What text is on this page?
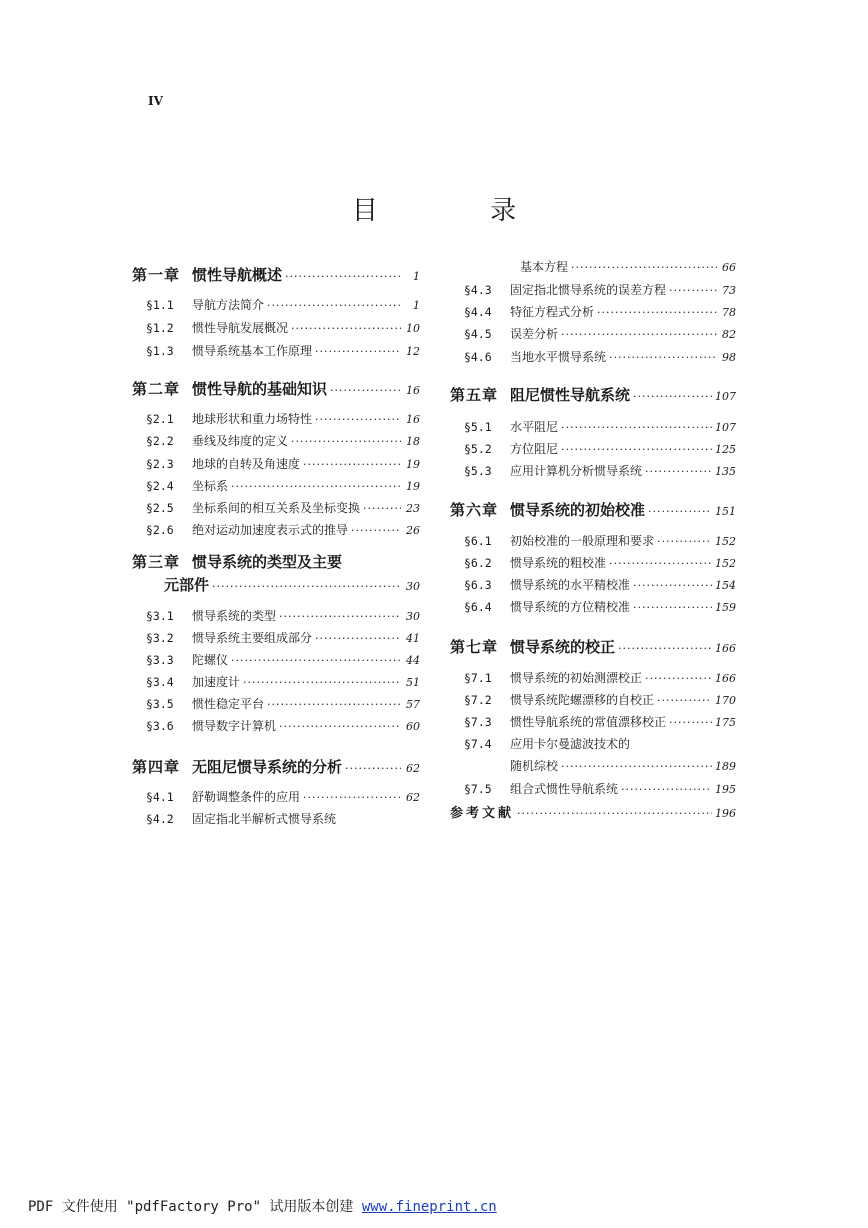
IV
目 录
第一章 惯性导航概述 ·····	1
§1.1	导航方法简介 ·····	1
§1.2	惯性导航发展概况 ·····	10
§1.3	惯导系统基本工作原理 ·····	12
第二章 惯性导航的基础知识 ·····	16
§2.1	地球形状和重力场特性 ·····	16
§2.2	垂线及纬度的定义 ·····	18
§2.3	地球的自转及角速度 ·····	19
§2.4	坐标系 ·····	19
§2.5	坐标系间的相互关系及坐标变换 ·····	23
§2.6	绝对运动加速度表示式的推导 ·····	26
第三章 惯导系统的类型及主要
元部件 ·····	30
§3.1	惯导系统的类型 ·····	30
§3.2	惯导系统主要组成部分 ·····	41
§3.3	陀螺仪 ·····	44
§3.4	加速度计 ·····	51
§3.5	惯性稳定平台 ·····	57
§3.6	惯导数字计算机 ·····	60
第四章 无阻尼惯导系统的分析 ·····	62
§4.1	舒勒调整条件的应用 ·····	62
§4.2	固定指北半解析式惯导系统
基本方程 ·····	66
§4.3	固定指北惯导系统的误差方程 ·····	73
§4.4	特征方程式分析 ·····	78
§4.5	误差分析 ·····	82
§4.6	当地水平惯导系统 ·····	98
第五章 阻尼惯性导航系统 ·····	107
§5.1	水平阻尼 ·····	107
§5.2	方位阻尼 ·····	125
§5.3	应用计算机分析惯导系统 ·····	135
第六章 惯导系统的初始校准 ·····	151
§6.1	初始校准的一般原理和要求 ·····	152
§6.2	惯导系统的粗校准 ·····	152
§6.3	惯导系统的水平精校准 ·····	154
§6.4	惯导系统的方位精校准 ·····	159
第七章 惯导系统的校正 ·····	166
§7.1	惯导系统的初始测漂校正 ·····	166
§7.2	惯导系统陀螺漂移的自校正 ·····	170
§7.3	惯性导航系统的常值漂移校正 ·····	175
§7.4	应用卡尔曼滤波技术的
随机综校 ·····	189
§7.5	组合式惯性导航系统 ·····	195
参考文献 ·····	196
PDF 文件使用 "pdfFactory Pro" 试用版本创建 www.fineprint.cn
